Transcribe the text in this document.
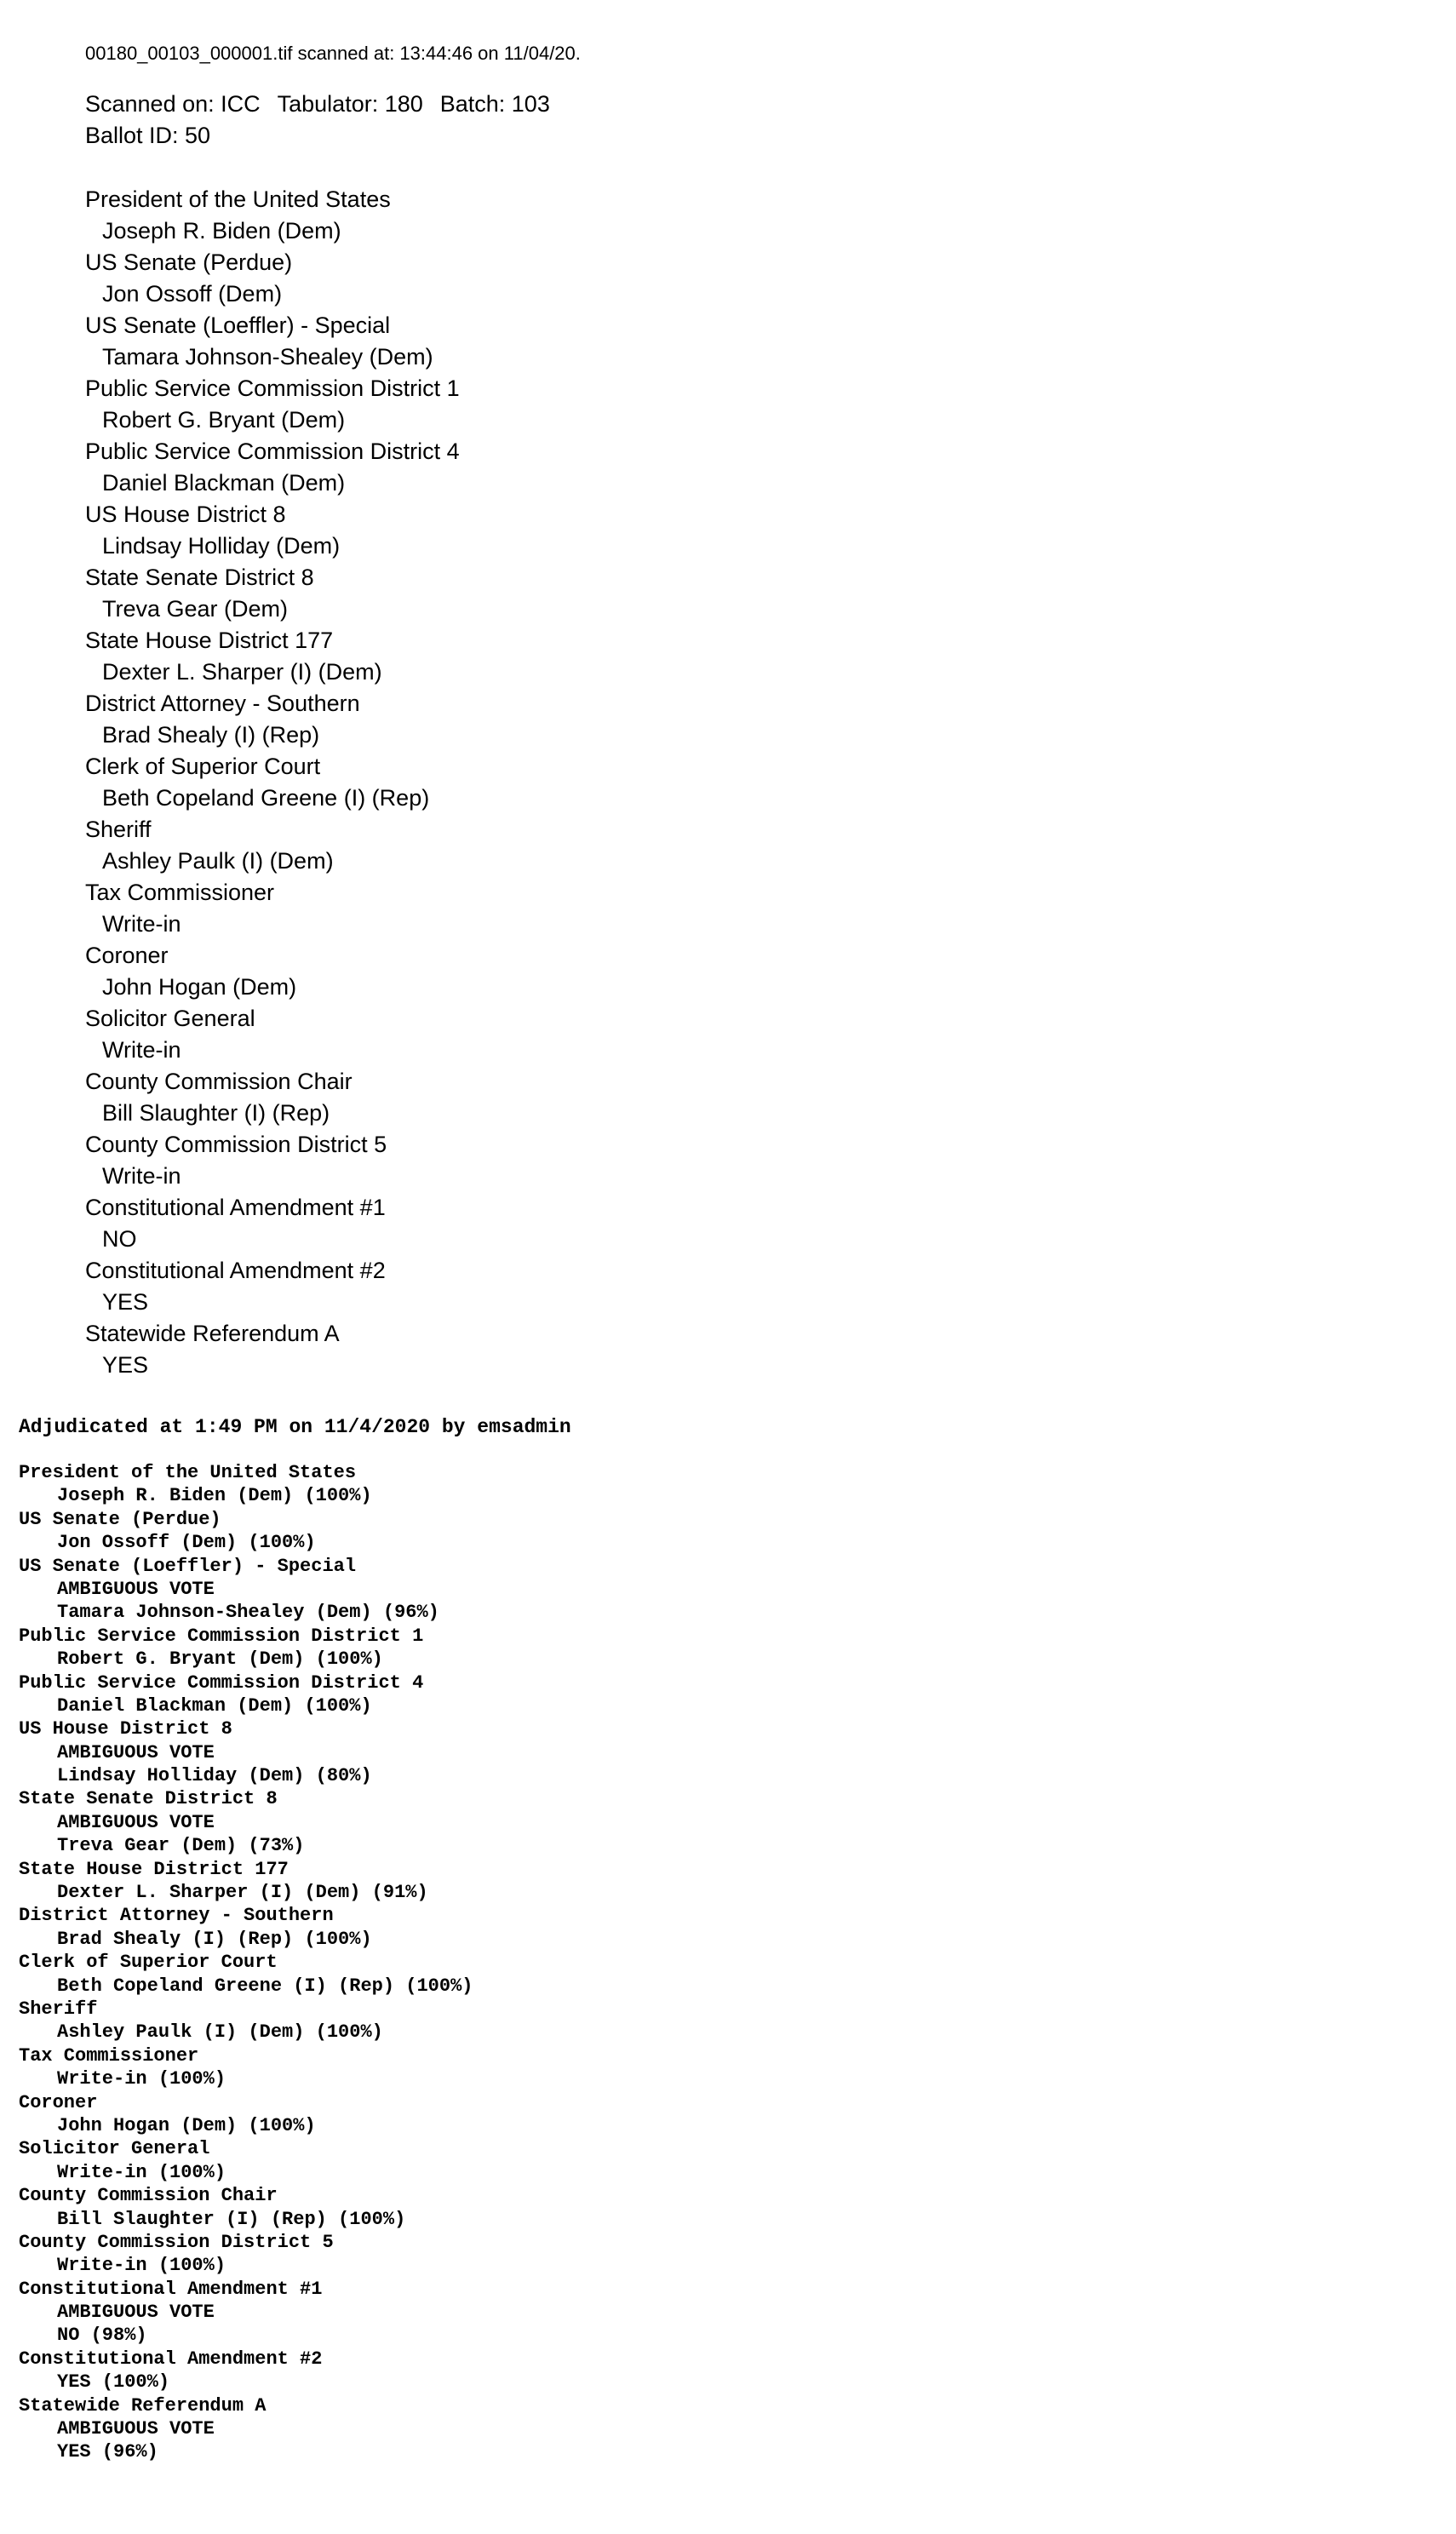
00180_00103_000001.tif scanned at: 13:44:46 on 11/04/20.
Scanned on: ICC Tabulator: 180 Batch: 103
Ballot ID: 50
President of the United States
Joseph R. Biden (Dem)
US Senate (Perdue)
Jon Ossoff (Dem)
US Senate (Loeffler) - Special
Tamara Johnson-Shealey (Dem)
Public Service Commission District 1
Robert G. Bryant (Dem)
Public Service Commission District 4
Daniel Blackman (Dem)
US House District 8
Lindsay Holliday (Dem)
State Senate District 8
Treva Gear (Dem)
State House District 177
Dexter L. Sharper (I) (Dem)
District Attorney - Southern
Brad Shealy (I) (Rep)
Clerk of Superior Court
Beth Copeland Greene (I) (Rep)
Sheriff
Ashley Paulk (I) (Dem)
Tax Commissioner
Write-in
Coroner
John Hogan (Dem)
Solicitor General
Write-in
County Commission Chair
Bill Slaughter (I) (Rep)
County Commission District 5
Write-in
Constitutional Amendment #1
NO
Constitutional Amendment #2
YES
Statewide Referendum A
YES
Adjudicated at 1:49 PM on 11/4/2020 by emsadmin
President of the United States
Joseph R. Biden (Dem) (100%)
US Senate (Perdue)
Jon Ossoff (Dem) (100%)
US Senate (Loeffler) - Special
AMBIGUOUS VOTE
Tamara Johnson-Shealey (Dem) (96%)
Public Service Commission District 1
Robert G. Bryant (Dem) (100%)
Public Service Commission District 4
Daniel Blackman (Dem) (100%)
US House District 8
AMBIGUOUS VOTE
Lindsay Holliday (Dem) (80%)
State Senate District 8
AMBIGUOUS VOTE
Treva Gear (Dem) (73%)
State House District 177
Dexter L. Sharper (I) (Dem) (91%)
District Attorney - Southern
Brad Shealy (I) (Rep) (100%)
Clerk of Superior Court
Beth Copeland Greene (I) (Rep) (100%)
Sheriff
Ashley Paulk (I) (Dem) (100%)
Tax Commissioner
Write-in (100%)
Coroner
John Hogan (Dem) (100%)
Solicitor General
Write-in (100%)
County Commission Chair
Bill Slaughter (I) (Rep) (100%)
County Commission District 5
Write-in (100%)
Constitutional Amendment #1
AMBIGUOUS VOTE
NO (98%)
Constitutional Amendment #2
YES (100%)
Statewide Referendum A
AMBIGUOUS VOTE
YES (96%)
